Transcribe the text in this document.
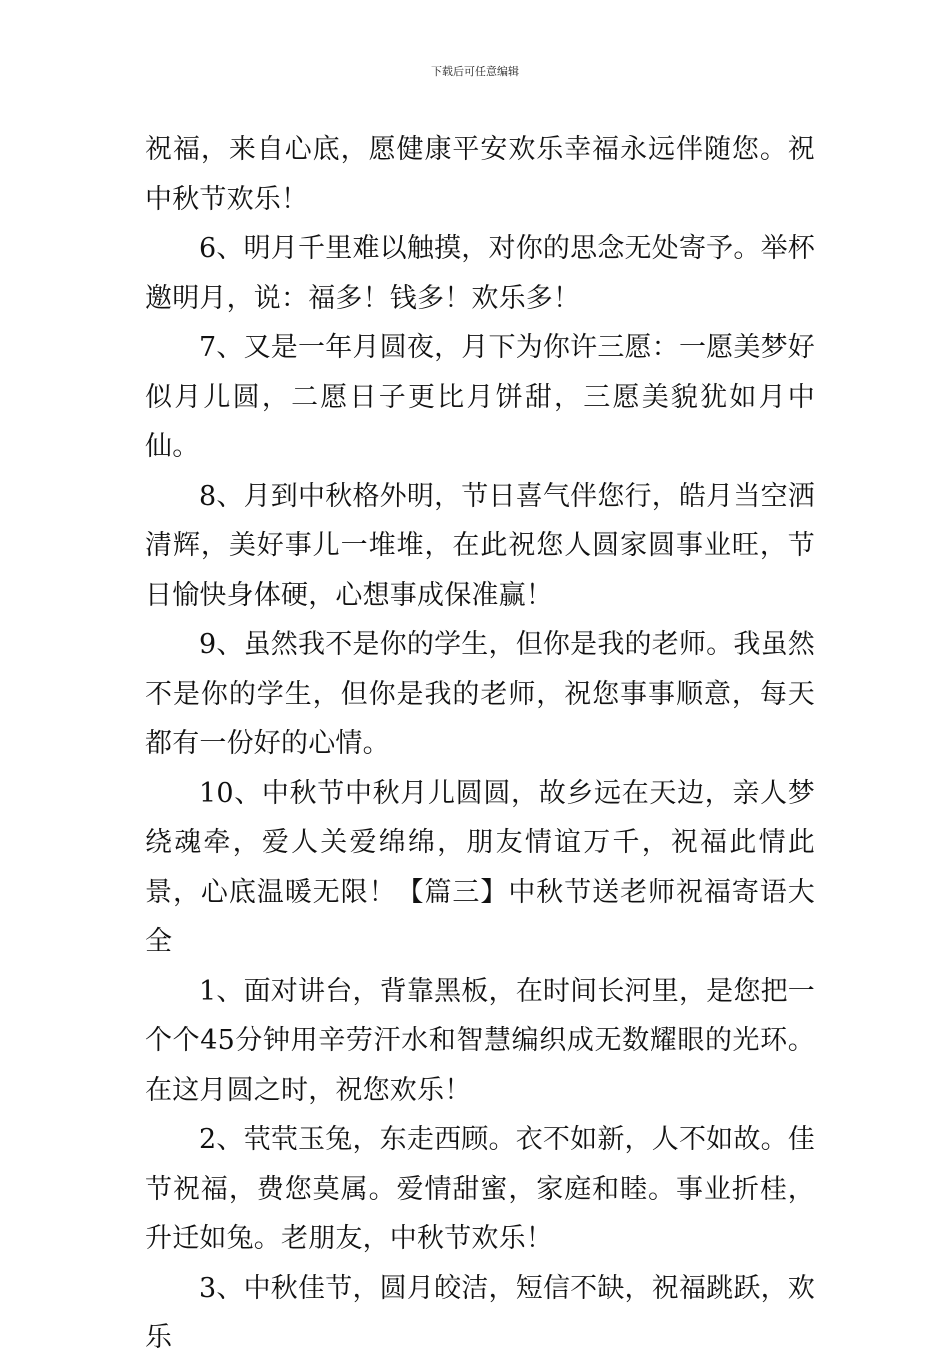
下载后可任意编辑

祝福，来自心底，愿健康平安欢乐幸福永远伴随您。祝中秋节欢乐！

6、明月千里难以触摸，对你的思念无处寄予。举杯邀明月，说：福多！钱多！欢乐多！

7、又是一年月圆夜，月下为你许三愿：一愿美梦好似月儿圆，二愿日子更比月饼甜，三愿美貌犹如月中仙。

8、月到中秋格外明，节日喜气伴您行，皓月当空洒清辉，美好事儿一堆堆，在此祝您人圆家圆事业旺，节日愉快身体硬，心想事成保准赢！

9、虽然我不是你的学生，但你是我的老师。我虽然不是你的学生，但你是我的老师，祝您事事顺意，每天都有一份好的心情。

10、中秋节中秋月儿圆圆，故乡远在天边，亲人梦绕魂牵，爱人关爱绵绵，朋友情谊万千，祝福此情此景，心底温暖无限！【篇三】中秋节送老师祝福寄语大全

1、面对讲台，背靠黑板，在时间长河里，是您把一个个45分钟用辛劳汗水和智慧编织成无数耀眼的光环。在这月圆之时，祝您欢乐！

2、茕茕玉兔，东走西顾。衣不如新，人不如故。佳节祝福，费您莫属。爱情甜蜜，家庭和睦。事业折桂，升迁如兔。老朋友，中秋节欢乐！

3、中秋佳节，圆月皎洁，短信不缺，祝福跳跃，欢乐
